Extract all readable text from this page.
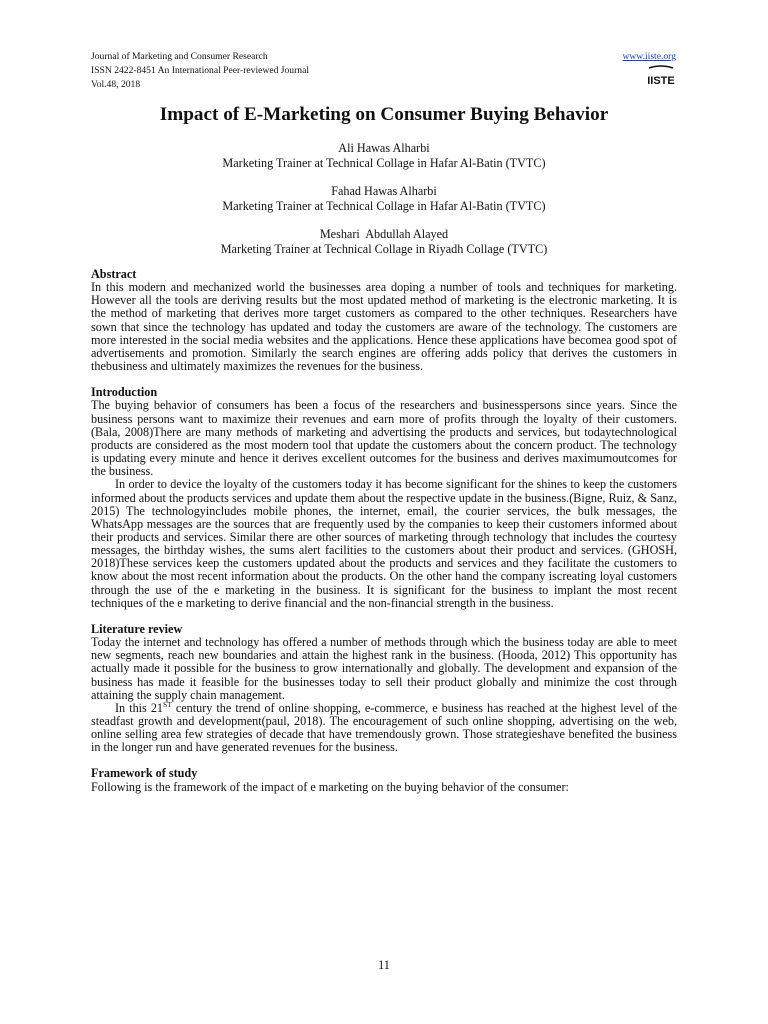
Journal of Marketing and Consumer Research
ISSN 2422-8451 An International Peer-reviewed Journal
Vol.48, 2018
www.iiste.org
IISTE
Impact of E-Marketing on Consumer Buying Behavior
Ali Hawas Alharbi
Marketing Trainer at Technical Collage in Hafar Al-Batin (TVTC)
Fahad Hawas Alharbi
Marketing Trainer at Technical Collage in Hafar Al-Batin (TVTC)
Meshari  Abdullah Alayed
Marketing Trainer at Technical Collage in Riyadh Collage (TVTC)
Abstract
In this modern and mechanized world the businesses area doping a number of tools and techniques for marketing. However all the tools are deriving results but the most updated method of marketing is the electronic marketing. It is the method of marketing that derives more target customers as compared to the other techniques. Researchers have sown that since the technology has updated and today the customers are aware of the technology. The customers are more interested in the social media websites and the applications. Hence these applications have becomea good spot of advertisements and promotion. Similarly the search engines are offering adds policy that derives the customers in thebusiness and ultimately maximizes the revenues for the business.
Introduction
The buying behavior of consumers has been a focus of the researchers and businesspersons since years. Since the business persons want to maximize their revenues and earn more of profits through the loyalty of their customers. (Bala, 2008)There are many methods of marketing and advertising the products and services, but todaytechnological products are considered as the most modern tool that update the customers about the concern product. The technology is updating every minute and hence it derives excellent outcomes for the business and derives maximumoutcomes for the business.
In order to device the loyalty of the customers today it has become significant for the shines to keep the customers informed about the products services and update them about the respective update in the business.(Bigne, Ruiz, & Sanz, 2015) The technologyincludes mobile phones, the internet, email, the courier services, the bulk messages, the WhatsApp messages are the sources that are frequently used by the companies to keep their customers informed about their products and services. Similar there are other sources of marketing through technology that includes the courtesy messages, the birthday wishes, the sums alert facilities to the customers about their product and services. (GHOSH, 2018)These services keep the customers updated about the products and services and they facilitate the customers to know about the most recent information about the products. On the other hand the company iscreating loyal customers through the use of the e marketing in the business. It is significant for the business to implant the most recent techniques of the e marketing to derive financial and the non-financial strength in the business.
Literature review
Today the internet and technology has offered a number of methods through which the business today are able to meet new segments, reach new boundaries and attain the highest rank in the business. (Hooda, 2012) This opportunity has actually made it possible for the business to grow internationally and globally. The development and expansion of the business has made it feasible for the businesses today to sell their product globally and minimize the cost through attaining the supply chain management.
In this 21ST century the trend of online shopping, e-commerce, e business has reached at the highest level of the steadfast growth and development(paul, 2018). The encouragement of such online shopping, advertising on the web, online selling area few strategies of decade that have tremendously grown. Those strategieshave benefited the business in the longer run and have generated revenues for the business.
Framework of study
Following is the framework of the impact of e marketing on the buying behavior of the consumer:
11
